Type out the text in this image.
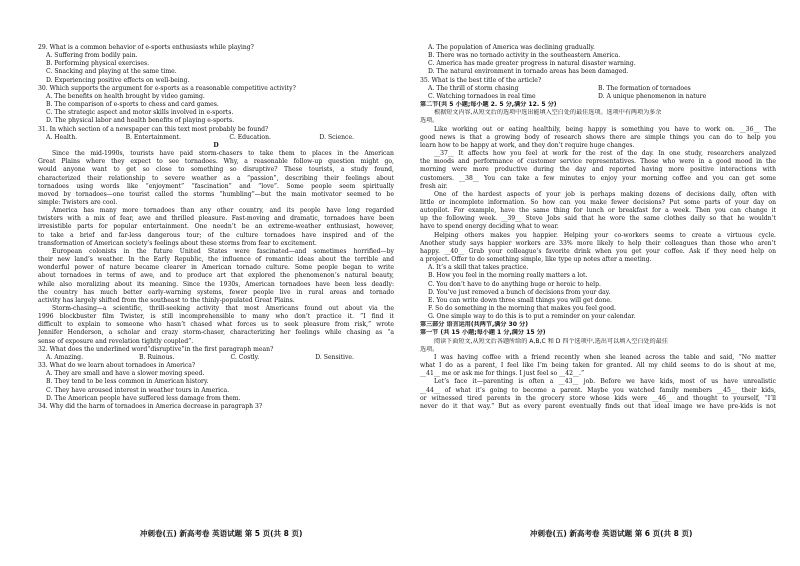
29. What is a common behavior of e-sports enthusiasts while playing?
A. Suffering from bodily pain.
B. Performing physical exercises.
C. Snacking and playing at the same time.
D. Experiencing positive effects on well-being.
30. Which supports the argument for e-sports as a reasonable competitive activity?
A. The benefits on health brought by video gaming.
B. The comparison of e-sports to chess and card games.
C. The strategic aspect and motor skills involved in e-sports.
D. The physical labor and health benefits of playing e-sports.
31. In which section of a newspaper can this text most probably be found?
A. Health.	B. Entertainment.	C. Education.	D. Science.
D
Since the mid-1990s, tourists have paid storm-chasers to take them to places in the American
Great Plains where they expect to see tornadoes. Why, a reasonable follow-up question might go,
would anyone want to get so close to something so disruptive? These tourists, a study found,
characterized their relationship to severe weather as a “passion”, describing their feelings about
tornadoes using words like “enjoyment” “fascination” and “love”. Some people seem spiritually
moved by tornadoes—one tourist called the storms “humbling”—but the main motivator seemed to be
simple: Twisters are cool.
America has many more tornadoes than any other country, and its people have long regarded
twisters with a mix of fear, awe and thrilled pleasure. Fast-moving and dramatic, tornadoes have been
irresistible parts for popular entertainment. One needn’t be an extreme-weather enthusiast, however,
to take a brief and far-less dangerous tour; of the culture tornadoes have inspired and of the
transformation of American society’s feelings about these storms from fear to excitement.
European colonists in the future United States were fascinated—and sometimes horrified—by
their new land’s weather. In the Early Republic, the influence of romantic ideas about the terrible and
wonderful power of nature became clearer in American tornado culture. Some people began to write
about tornadoes in terms of awe, and to produce art that explored the phenomenon’s natural beauty,
while also moralizing about its meaning. Since the 1930s, American tornadoes have been less deadly:
the country has much better early-warning systems, fewer people live in rural areas and tornado
activity has largely shifted from the southeast to the thinly-populated Great Plains.
Storm-chasing—a scientific, thrill-seeking activity that most Americans found out about via the
1996 blockbuster film Twister, is still incomprehensible to many who don’t practice it. “I find it
difficult to explain to someone who hasn’t chased what forces us to seek pleasure from risk,” wrote
Jennifer Henderson, a scholar and crazy storm-chaser, characterizing her feelings while chasing as “a
sense of exposure and revelation tightly coupled”.
32. What does the underlined word“disruptive”in the first paragraph mean?
A. Amazing.	B. Ruinous.	C. Costly.	D. Sensitive.
33. What do we learn about tornadoes in America?
A. They are small and have a slower moving speed.
B. They tend to be less common in American history.
C. They have aroused interest in weather tours in America.
D. The American people have suffered less damage from them.
34. Why did the harm of tornadoes in America decrease in paragraph 3?
A. The population of America was declining gradually.
B. There was no tornado activity in the southeastern America.
C. America has made greater progress in natural disaster warning.
D. The natural environment in tornado areas has been damaged.
35. What is the best title of the article?
A. The thrill of storm chasing	B. The formation of tornadoes
C. Watching tornadoes in real time	D. A unique phenomenon in nature
第二节(共 5 小题;每小题 2. 5 分,满分 12. 5 分)
根据短文内容,从短文后的选项中选出能填入空白处的最佳选项。选项中有两项为多余
选项。
Like working out or eating healthily, being happy is something you have to work on. __36__ The
good news is that a growing body of research shows there are simple things you can do to help you
learn how to be happy at work, and they don’t require huge changes.
__37__ It affects how you feel at work for the rest of the day. In one study, researchers analyzed
the moods and performance of customer service representatives. Those who were in a good mood in the
morning were more productive during the day and reported having more positive interactions with
customers. __38__ You can take a few minutes to enjoy your morning coffee and you can get some
fresh air.
One of the hardest aspects of your job is perhaps making dozens of decisions daily, often with
little or incomplete information. So how can you make fewer decisions? Put some parts of your day on
autopilot. For example, have the same thing for lunch or breakfast for a week. Then you can change it
up the following week. __39__ Steve Jobs said that he wore the same clothes daily so that he wouldn’t
have to spend energy deciding what to wear.
Helping others makes you happier. Helping your co-workers seems to create a virtuous cycle.
Another study says happier workers are 33% more likely to help their colleagues than those who aren’t
happy. __40__ Grab your colleague’s favorite drink when you get your coffee. Ask if they need help on
a project. Offer to do something simple, like type up notes after a meeting.
A. It’s a skill that takes practice.
B. How you feel in the morning really matters a lot.
C. You don’t have to do anything huge or heroic to help.
D. You’ve just removed a bunch of decisions from your day.
E. You can write down three small things you will get done.
F. So do something in the morning that makes you feel good.
G. One simple way to do this is to put a reminder on your calendar.
第三部分 语言运用(共两节,满分 30 分)
第一节 (共 15 小题;每小题 1 分,满分 15 分)
阅读下面短文,从短文后各题所给的 A,B,C 和 D 四个选项中,选出可以填入空白处的最佳
选项。
I was having coffee with a friend recently when she leaned across the table and said, “No matter
what I do as a parent, I feel like I’m being taken for granted. All my child seems to do is shout at me,
__41__ me or ask me for things. I just feel so __42__.”
Let’s face it—parenting is often a __43__ job. Before we have kids, most of us have unrealistic
__44__ of what it’s going to become a parent. Maybe you watched family members __45__ their kids,
or witnessed tired parents in the grocery store whose kids were __46__ and thought to yourself, “I’ll
never do it that way.” But as every parent eventually finds out that ideal image we have pre-kids is not
冲刺卷(五) 新高考卷 英语试题 第 5 页(共 8 页)	冲刺卷(五) 新高考卷 英语试题 第 6 页(共 8 页)
